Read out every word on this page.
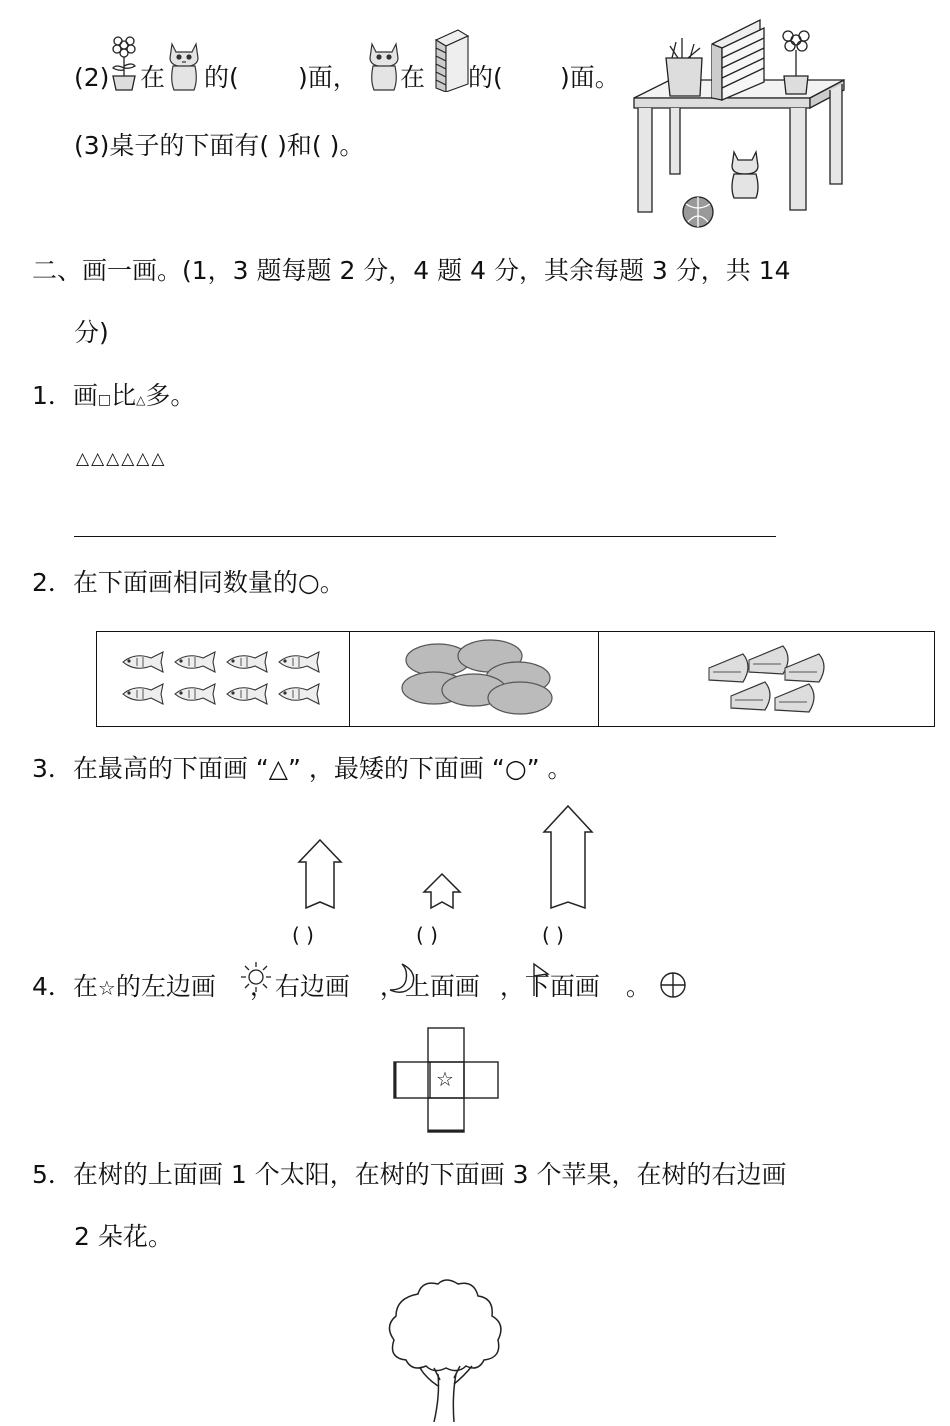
(2) 在 的( )面， 在 的( )面。
(3)桌子的下面有( )和( )。
二、画一画。(1，3 题每题 2 分，4 题 4 分，其余每题 3 分，共 14
分)
1．画□比△多。
△△△△△△
2．在下面画相同数量的○。
3．在最高的下面画 “△” ，最矮的下面画 “○” 。
( )	( )	( )
4．在☆的左边画 ，右边画 ，上面画 ，下面画 。
☆
5．在树的上面画 1 个太阳，在树的下面画 3 个苹果，在树的右边画
2 朵花。
